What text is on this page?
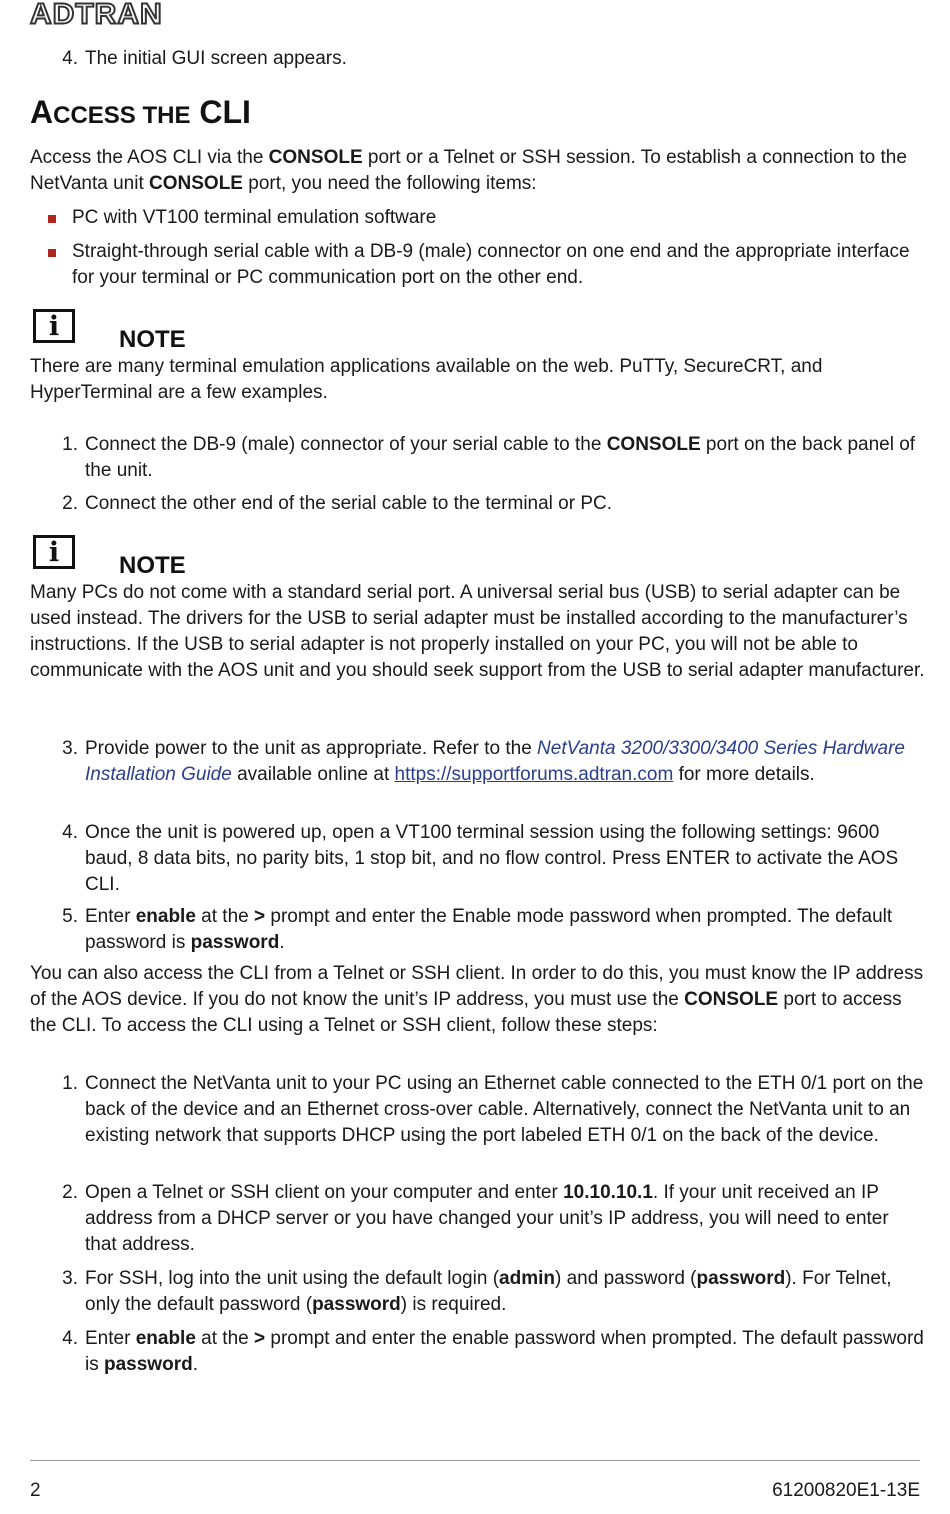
ADTRAN
4. The initial GUI screen appears.
ACCESS THE CLI
Access the AOS CLI via the CONSOLE port or a Telnet or SSH session. To establish a connection to the NetVanta unit CONSOLE port, you need the following items:
PC with VT100 terminal emulation software
Straight-through serial cable with a DB-9 (male) connector on one end and the appropriate interface for your terminal or PC communication port on the other end.
i	NOTE
There are many terminal emulation applications available on the web. PuTTy, SecureCRT, and HyperTerminal are a few examples.
1. Connect the DB-9 (male) connector of your serial cable to the CONSOLE port on the back panel of the unit.
2. Connect the other end of the serial cable to the terminal or PC.
i	NOTE
Many PCs do not come with a standard serial port. A universal serial bus (USB) to serial adapter can be used instead. The drivers for the USB to serial adapter must be installed according to the manufacturer’s instructions. If the USB to serial adapter is not properly installed on your PC, you will not be able to communicate with the AOS unit and you should seek support from the USB to serial adapter manufacturer.
3. Provide power to the unit as appropriate. Refer to the NetVanta 3200/3300/3400 Series Hardware Installation Guide available online at https://supportforums.adtran.com for more details.
4. Once the unit is powered up, open a VT100 terminal session using the following settings: 9600 baud, 8 data bits, no parity bits, 1 stop bit, and no flow control. Press ENTER to activate the AOS CLI.
5. Enter enable at the > prompt and enter the Enable mode password when prompted. The default password is password.
You can also access the CLI from a Telnet or SSH client. In order to do this, you must know the IP address of the AOS device. If you do not know the unit’s IP address, you must use the CONSOLE port to access the CLI. To access the CLI using a Telnet or SSH client, follow these steps:
1. Connect the NetVanta unit to your PC using an Ethernet cable connected to the ETH 0/1 port on the back of the device and an Ethernet cross-over cable. Alternatively, connect the NetVanta unit to an existing network that supports DHCP using the port labeled ETH 0/1 on the back of the device.
2. Open a Telnet or SSH client on your computer and enter 10.10.10.1. If your unit received an IP address from a DHCP server or you have changed your unit’s IP address, you will need to enter that address.
3. For SSH, log into the unit using the default login (admin) and password (password). For Telnet, only the default password (password) is required.
4. Enter enable at the > prompt and enter the enable password when prompted. The default password is password.
2	61200820E1-13E
